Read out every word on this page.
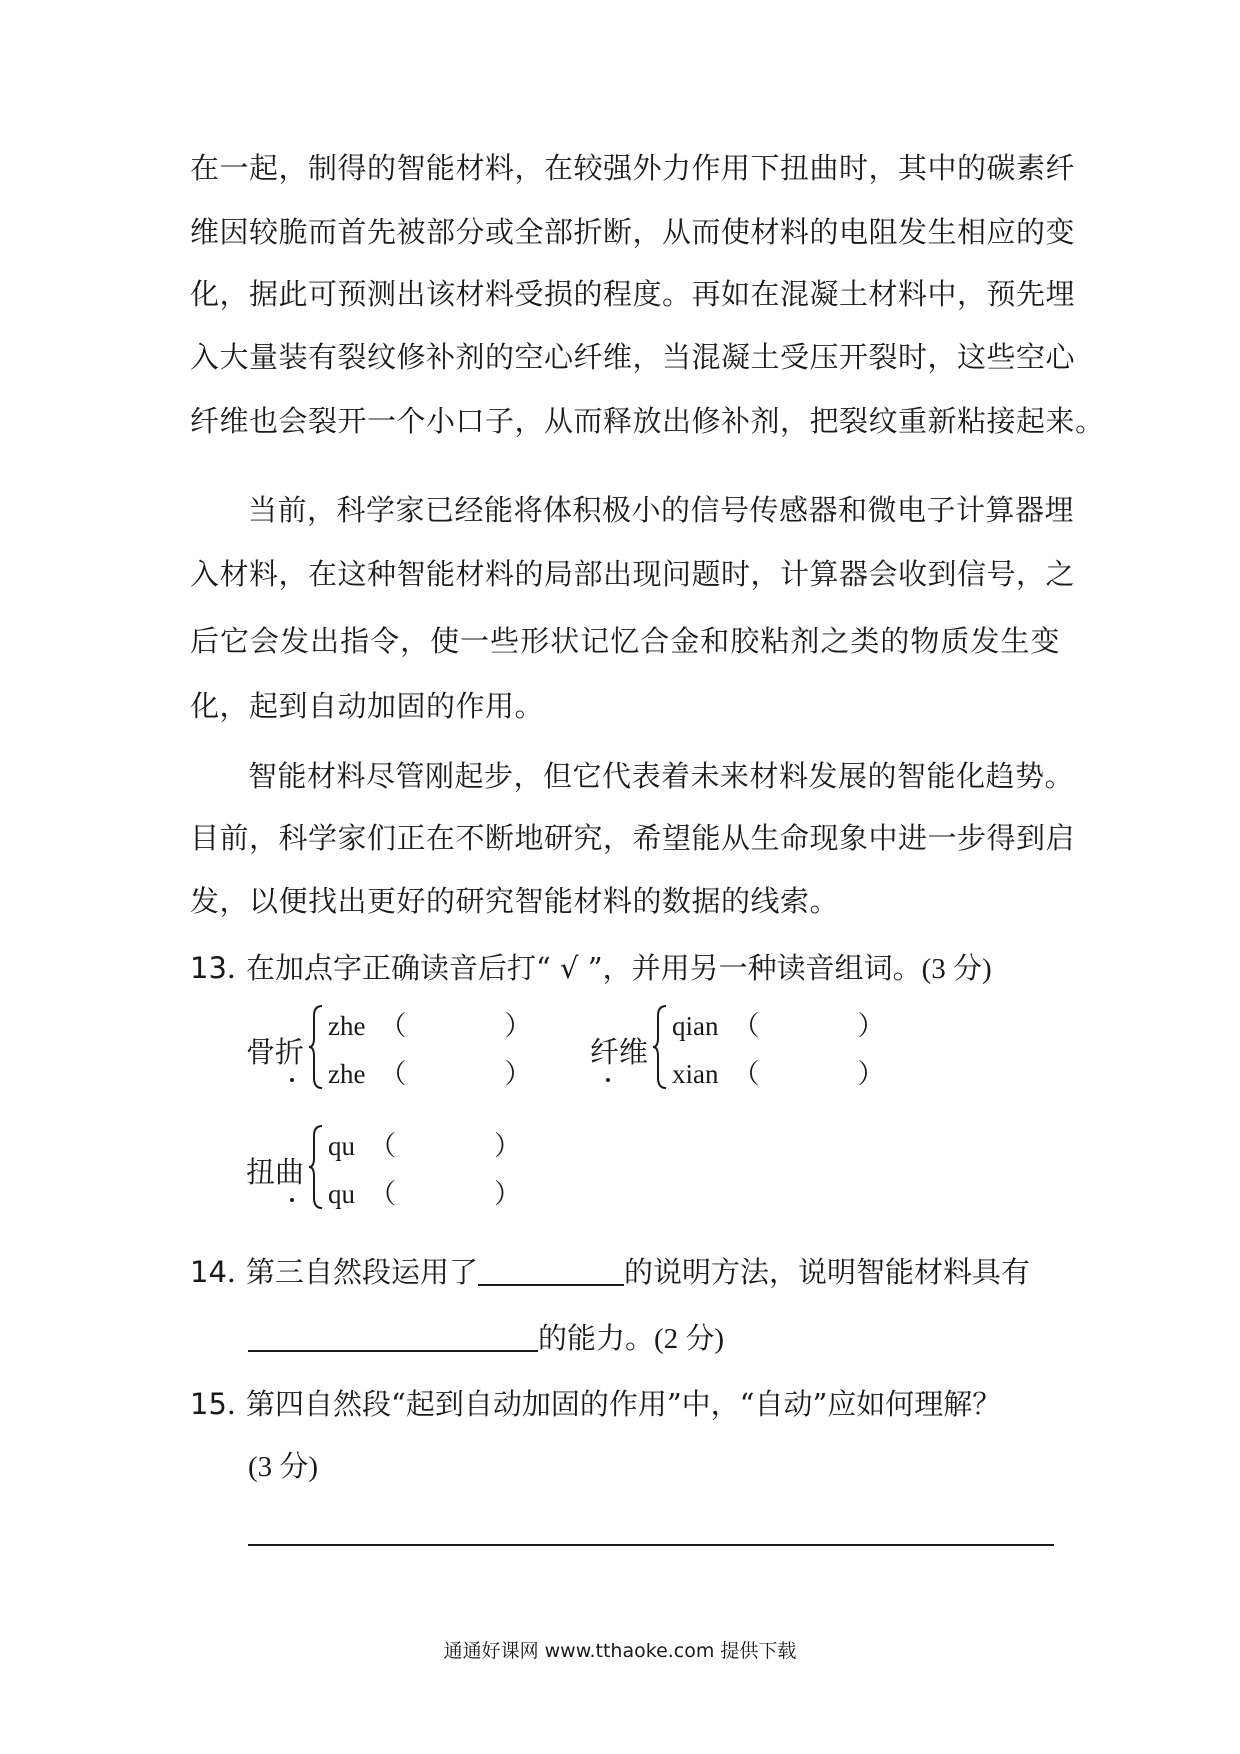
在一起，制得的智能材料，在较强外力作用下扭曲时，其中的碳素纤
维因较脆而首先被部分或全部折断，从而使材料的电阻发生相应的变
化，据此可预测出该材料受损的程度。再如在混凝土材料中，预先埋
入大量装有裂纹修补剂的空心纤维，当混凝土受压开裂时，这些空心
纤维也会裂开一个小口子，从而释放出修补剂，把裂纹重新粘接起来。
当前，科学家已经能将体积极小的信号传感器和微电子计算器埋
入材料，在这种智能材料的局部出现问题时，计算器会收到信号，之
后它会发出指令，使一些形状记忆合金和胶粘剂之类的物质发生变
化，起到自动加固的作用。
智能材料尽管刚起步，但它代表着未来材料发展的智能化趋势。
目前，科学家们正在不断地研究，希望能从生命现象中进一步得到启
发，以便找出更好的研究智能材料的数据的线索。
13．在加点字正确读音后打“ √ ”，并用另一种读音组词。(3 分)
骨折
zhe （	）
zhe （	）
纤维
qian （	）
xian （	）
扭曲
qu （	）
qu （	）
14．第三自然段运用了	的说明方法，说明智能材料具有
的能力。(2 分)
15．第四自然段“起到自动加固的作用”中，“自动”应如何理解？
(3 分)
通通好课网 www.tthaoke.com 提供下载
